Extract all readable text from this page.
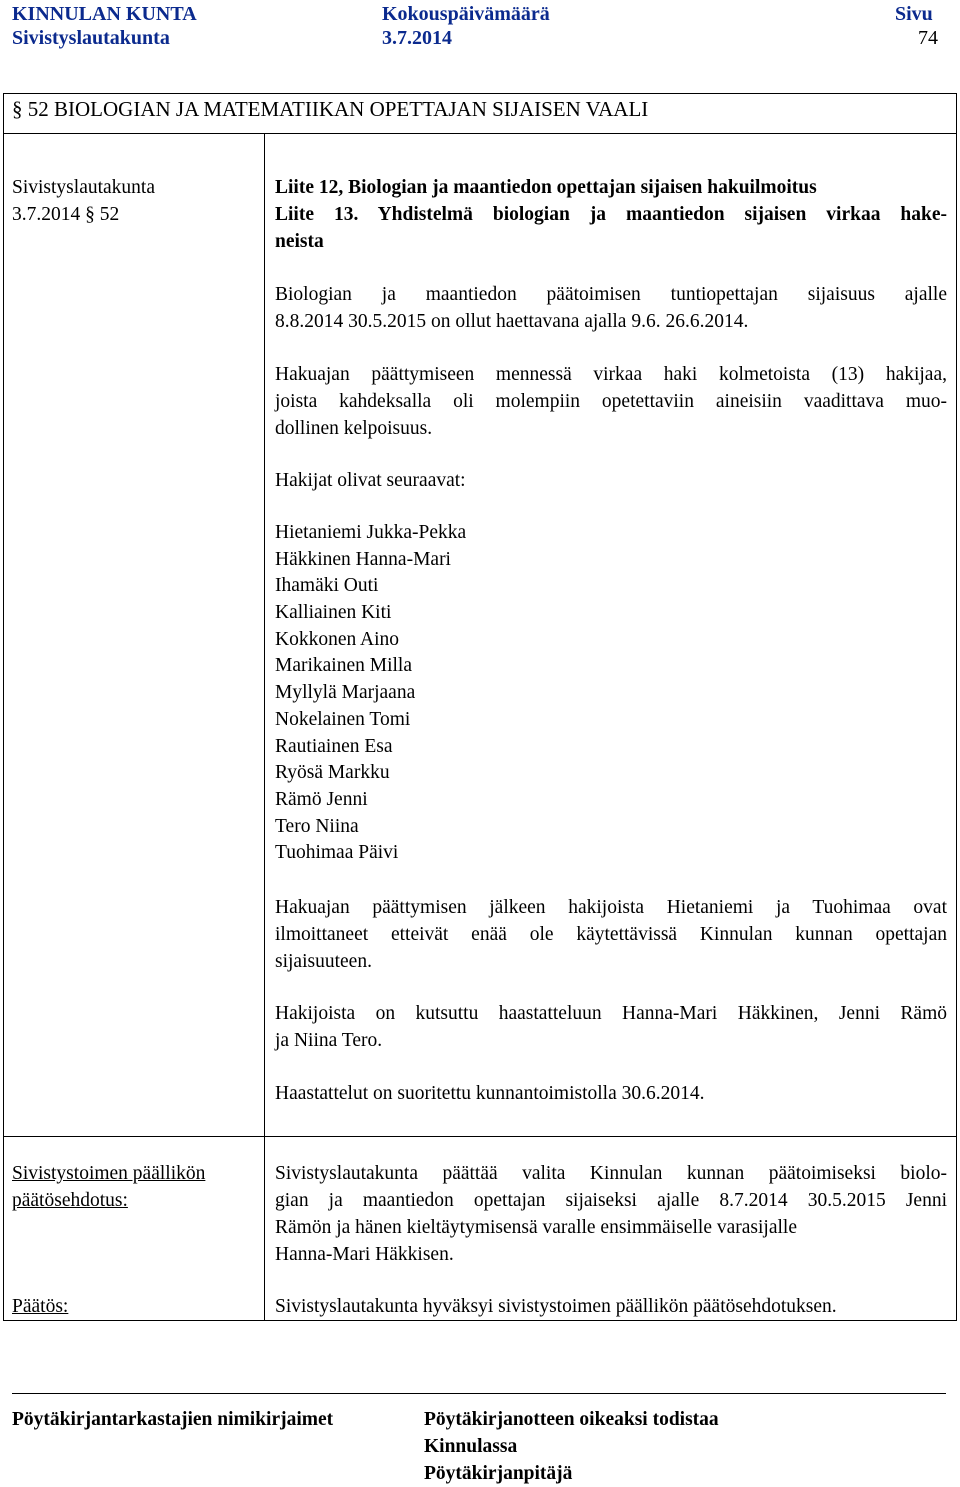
KINNULAN KUNTA
Sivistyslautakunta
Kokouspäivämäärä
3.7.2014
Sivu
74
§ 52 BIOLOGIAN JA MATEMATIIKAN OPETTAJAN SIJAISEN VAALI
Sivistyslautakunta
3.7.2014 § 52
Liite 12, Biologian ja maantiedon opettajan sijaisen hakuilmoitus
Liite 13. Yhdistelmä biologian ja maantiedon sijaisen virkaa hake-
neista
Biologian ja maantiedon päätoimisen tuntiopettajan sijaisuus ajalle
8.8.2014 30.5.2015 on ollut haettavana ajalla 9.6. 26.6.2014.
Hakuajan päättymiseen mennessä virkaa haki kolmetoista (13) hakijaa,
joista kahdeksalla oli molempiin opetettaviin aineisiin vaadittava muo-
dollinen kelpoisuus.
Hakijat olivat seuraavat:
Hietaniemi Jukka-Pekka
Häkkinen Hanna-Mari
Ihamäki Outi
Kalliainen Kiti
Kokkonen Aino
Marikainen Milla
Myllylä Marjaana
Nokelainen Tomi
Rautiainen Esa
Ryösä Markku
Rämö Jenni
Tero Niina
Tuohimaa Päivi
Hakuajan päättymisen jälkeen hakijoista Hietaniemi ja Tuohimaa ovat
ilmoittaneet etteivät enää ole käytettävissä Kinnulan kunnan opettajan
sijaisuuteen.
Hakijoista on kutsuttu haastatteluun Hanna-Mari Häkkinen, Jenni Rämö
ja Niina Tero.
Haastattelut on suoritettu kunnantoimistolla 30.6.2014.
Sivistystoimen päällikön
päätösehdotus:
Sivistyslautakunta päättää valita Kinnulan kunnan päätoimiseksi biolo-
gian ja maantiedon opettajan sijaiseksi ajalle 8.7.2014 30.5.2015 Jenni
Rämön ja hänen kieltäytymisensä varalle ensimmäiselle varasijalle
Hanna-Mari Häkkisen.
Päätös:	Sivistyslautakunta hyväksyi sivistystoimen päällikön päätösehdotuksen.
Pöytäkirjantarkastajien nimikirjaimet	Pöytäkirjanotteen oikeaksi todistaa
Kinnulassa
Pöytäkirjanpitäjä
